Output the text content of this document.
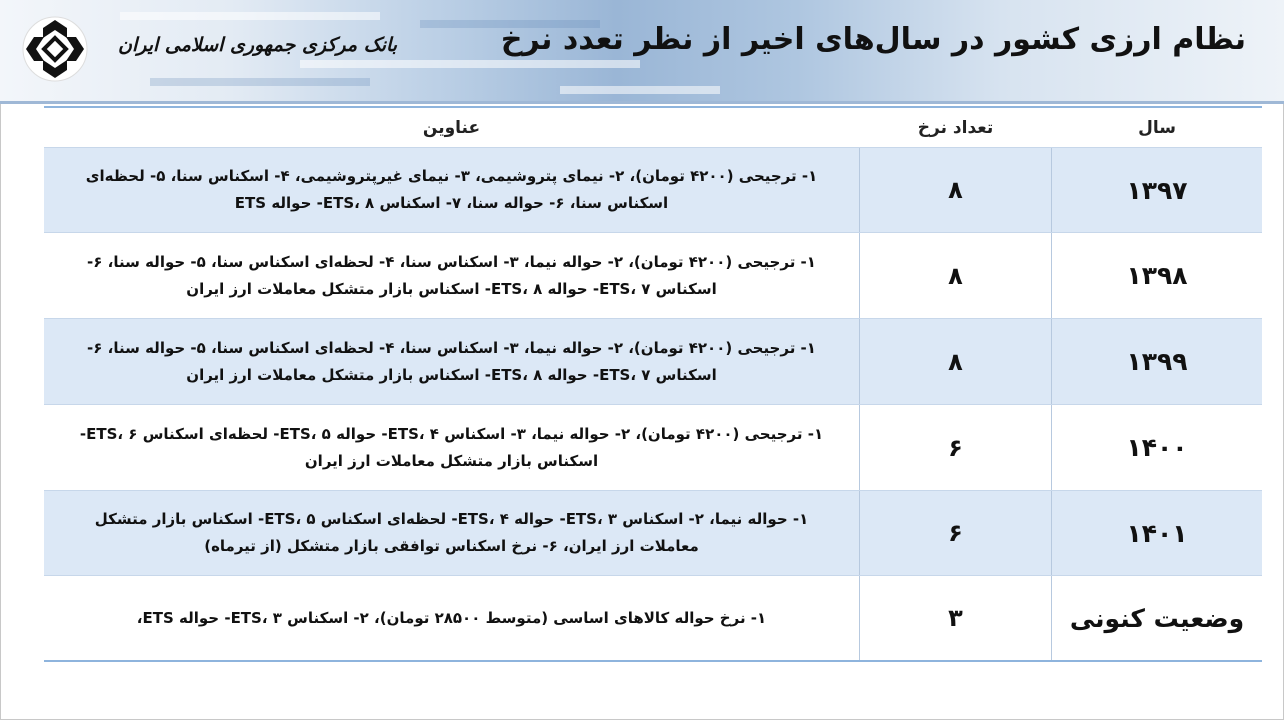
نظام ارزی کشور در سال‌های اخیر از نظر تعدد نرخ
بانک مرکزی جمهوری اسلامی ایران
سال
تعداد نرخ
عناوین
۱۳۹۷
۸
۱- ترجیحی (۴۲۰۰ تومان)، ۲- نیمای پتروشیمی، ۳- نیمای غیرپتروشیمی، ۴- اسکناس سنا، ۵- لحظه‌ای اسکناس سنا، ۶- حواله سنا، ۷- اسکناس ETS، ۸- حواله ETS
۱۳۹۸
۸
۱- ترجیحی (۴۲۰۰ تومان)، ۲- حواله نیما، ۳- اسکناس سنا، ۴- لحظه‌ای اسکناس سنا، ۵- حواله سنا، ۶- اسکناس ETS، ۷- حواله ETS، ۸- اسکناس بازار متشکل معاملات ارز ایران
۱۳۹۹
۸
۱- ترجیحی (۴۲۰۰ تومان)، ۲- حواله نیما، ۳- اسکناس سنا، ۴- لحظه‌ای اسکناس سنا، ۵- حواله سنا، ۶- اسکناس ETS، ۷- حواله ETS، ۸- اسکناس بازار متشکل معاملات ارز ایران
۱۴۰۰
۶
۱- ترجیحی (۴۲۰۰ تومان)، ۲- حواله نیما، ۳- اسکناس ETS، ۴- حواله ETS، ۵- لحظه‌ای اسکناس ETS، ۶- اسکناس بازار متشکل معاملات ارز ایران
۱۴۰۱
۶
۱- حواله نیما، ۲- اسکناس ETS، ۳- حواله ETS، ۴- لحظه‌ای اسکناس ETS، ۵- اسکناس بازار متشکل معاملات ارز ایران، ۶- نرخ اسکناس توافقی بازار متشکل (از تیرماه)
وضعیت کنونی
۳
۱- نرخ حواله کالاهای اساسی (متوسط ۲۸۵۰۰ تومان)، ۲- اسکناس ETS، ۳- حواله ETS،
